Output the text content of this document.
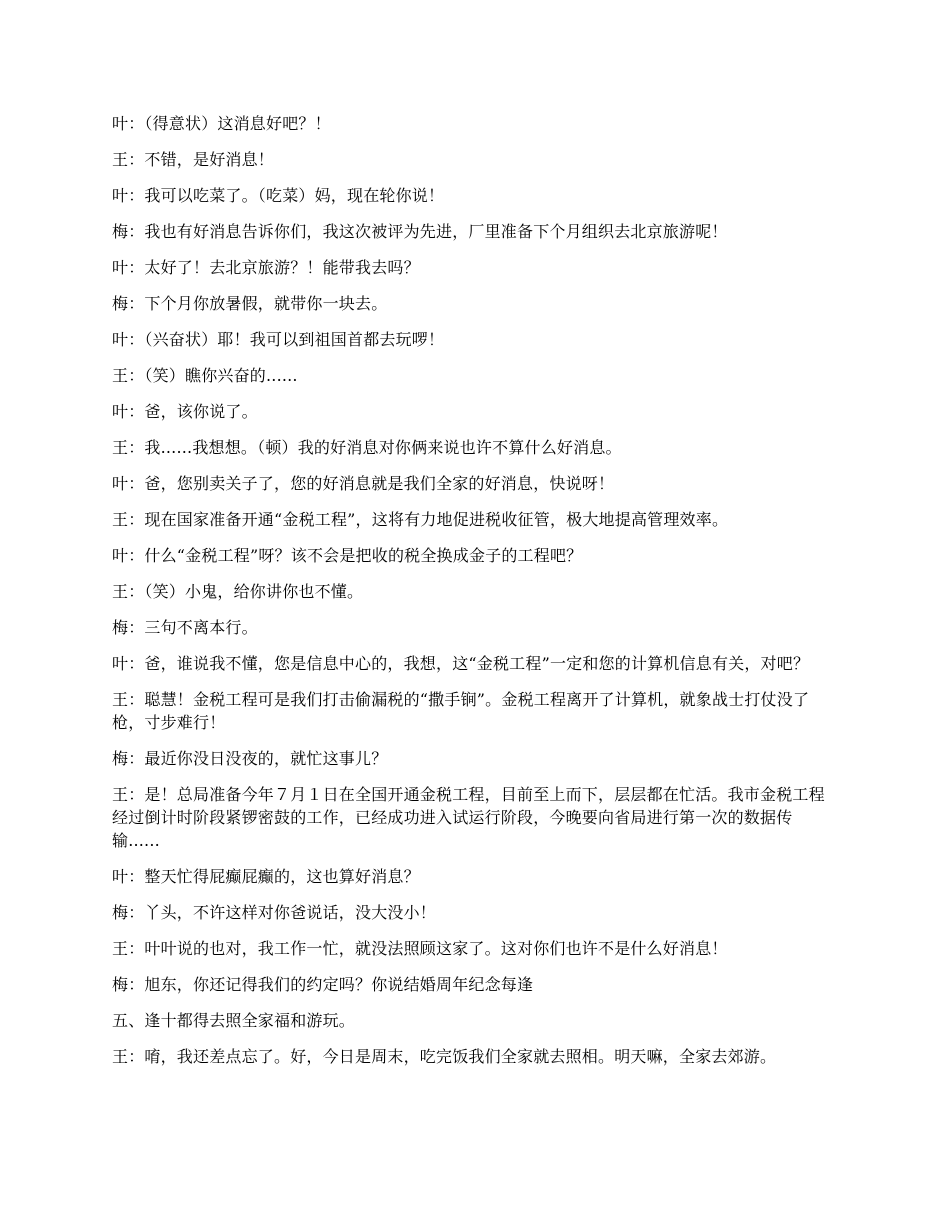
叶：（得意状）这消息好吧？！

王：不错，是好消息！

叶：我可以吃菜了。（吃菜）妈，现在轮你说！

梅：我也有好消息告诉你们，我这次被评为先进，厂里准备下个月组织去北京旅游呢！

叶：太好了！去北京旅游？！能带我去吗？

梅：下个月你放暑假，就带你一块去。

叶：（兴奋状）耶！我可以到祖国首都去玩啰！

王：（笑）瞧你兴奋的......

叶：爸，该你说了。

王：我......我想想。（顿）我的好消息对你俩来说也许不算什么好消息。

叶：爸，您别卖关子了，您的好消息就是我们全家的好消息，快说呀！

王：现在国家准备开通“金税工程”，这将有力地促进税收征管，极大地提高管理效率。

叶：什么“金税工程”呀？该不会是把收的税全换成金子的工程吧？

王：（笑）小鬼，给你讲你也不懂。

梅：三句不离本行。

叶：爸，谁说我不懂，您是信息中心的，我想，这“金税工程”一定和您的计算机信息有关，对吧？

王：聪慧！金税工程可是我们打击偷漏税的“撒手锏”。金税工程离开了计算机，就象战士打仗没了枪，寸步难行！

梅：最近你没日没夜的，就忙这事儿？

王：是！总局准备今年７月１日在全国开通金税工程，目前至上而下，层层都在忙活。我市金税工程经过倒计时阶段紧锣密鼓的工作，已经成功进入试运行阶段，今晚要向省局进行第一次的数据传输......

叶：整天忙得屁癫屁癫的，这也算好消息？

梅：丫头，不许这样对你爸说话，没大没小！

王：叶叶说的也对，我工作一忙，就没法照顾这家了。这对你们也许不是什么好消息！

梅：旭东，你还记得我们的约定吗？你说结婚周年纪念每逢

五、逢十都得去照全家福和游玩。

王：唷，我还差点忘了。好，今日是周末，吃完饭我们全家就去照相。明天嘛，全家去郊游。
